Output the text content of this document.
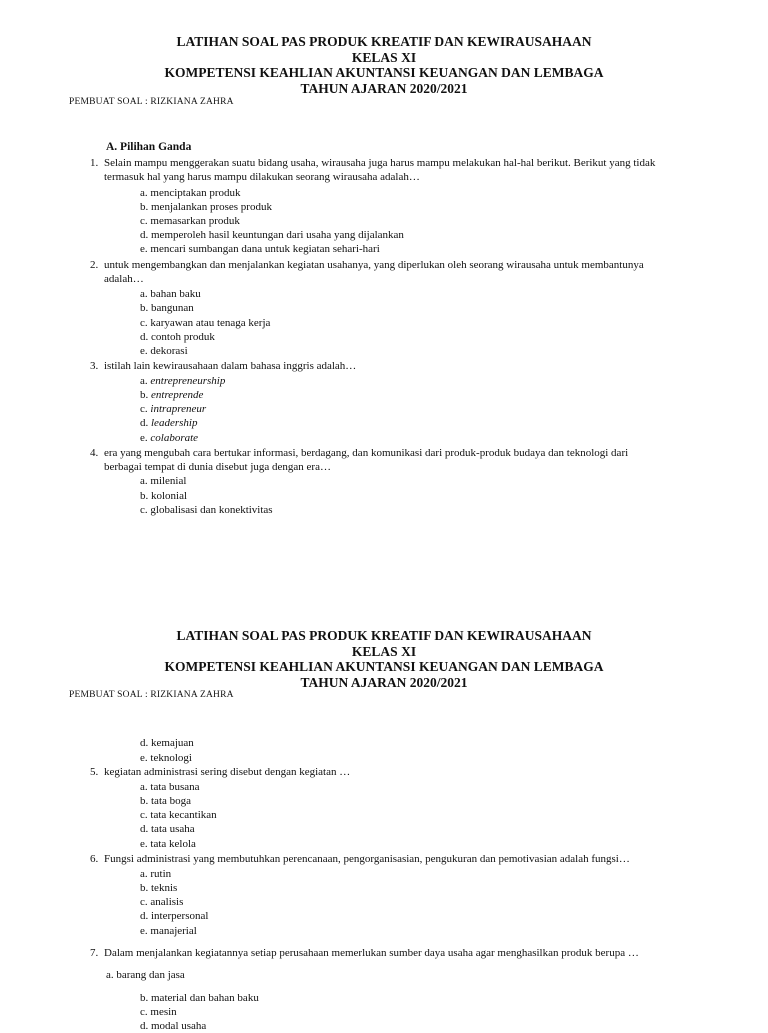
LATIHAN SOAL PAS PRODUK KREATIF DAN KEWIRAUSAHAAN
KELAS XI
KOMPETENSI KEAHLIAN AKUNTANSI KEUANGAN DAN LEMBAGA
TAHUN AJARAN 2020/2021
PEMBUAT SOAL : RIZKIANA ZAHRA
A. Pilihan Ganda
1. Selain mampu menggerakan suatu bidang usaha, wirausaha juga harus mampu melakukan hal-hal berikut. Berikut yang tidak
termasuk hal yang harus mampu dilakukan seorang wirausaha adalah…
a. menciptakan produk
b. menjalankan proses produk
c. memasarkan produk
d. memperoleh hasil keuntungan dari usaha yang dijalankan
e. mencari sumbangan dana untuk kegiatan sehari-hari
2. untuk mengembangkan dan menjalankan kegiatan usahanya, yang diperlukan oleh seorang wirausaha untuk membantunya
adalah…
a. bahan baku
b. bangunan
c. karyawan atau tenaga kerja
d. contoh produk
e. dekorasi
3. istilah lain kewirausahaan dalam bahasa inggris adalah…
a. entrepreneurship
b. entreprende
c. intrapreneur
d. leadership
e. colaborate
4. era yang mengubah cara bertukar informasi, berdagang, dan komunikasi dari produk-produk budaya dan teknologi dari
berbagai tempat di dunia disebut juga dengan era…
a. milenial
b. kolonial
c. globalisasi dan konektivitas
LATIHAN SOAL PAS PRODUK KREATIF DAN KEWIRAUSAHAAN
KELAS XI
KOMPETENSI KEAHLIAN AKUNTANSI KEUANGAN DAN LEMBAGA
TAHUN AJARAN 2020/2021
PEMBUAT SOAL : RIZKIANA ZAHRA
d. kemajuan
e. teknologi
5. kegiatan administrasi sering disebut dengan kegiatan …
a. tata busana
b. tata boga
c. tata kecantikan
d. tata usaha
e. tata kelola
6. Fungsi administrasi yang membutuhkan perencanaan, pengorganisasian, pengukuran dan pemotivasian adalah fungsi…
a. rutin
b. teknis
c. analisis
d. interpersonal
e. manajerial
7. Dalam menjalankan kegiatannya setiap perusahaan memerlukan sumber daya usaha agar menghasilkan produk berupa …
a. barang dan jasa
b. material dan bahan baku
c. mesin
d. modal usaha
